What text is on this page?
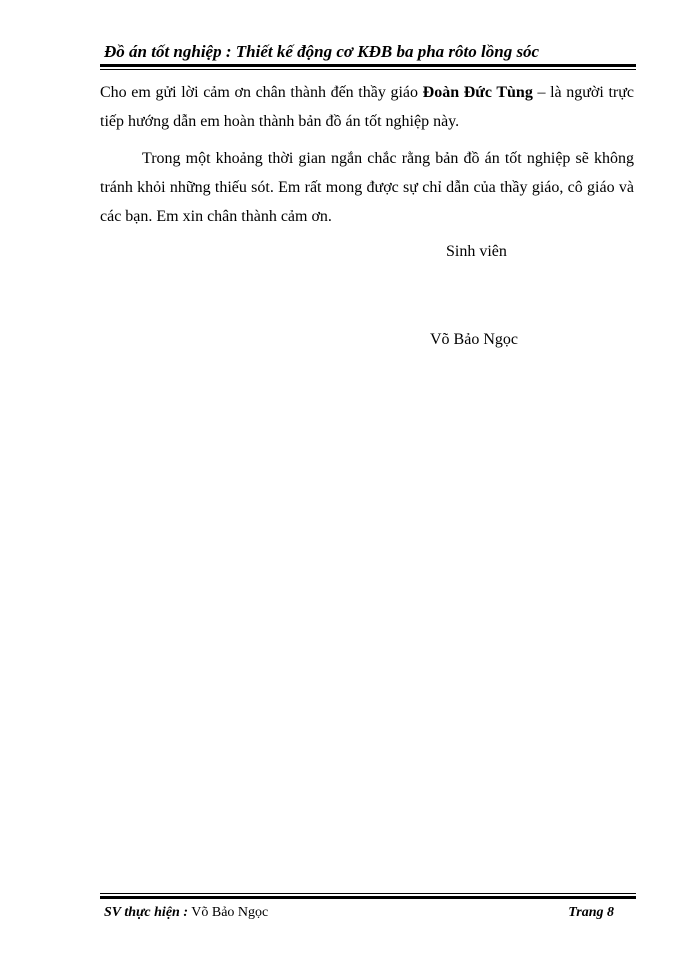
Đồ án tốt nghiệp : Thiết kế động cơ KĐB ba pha rôto lồng sóc

Cho em gửi lời cảm ơn chân thành đến thầy giáo Đoàn Đức Tùng – là người trực tiếp hướng dẫn em hoàn thành bản đồ án tốt nghiệp này.

Trong một khoảng thời gian ngắn chắc rằng bản đồ án tốt nghiệp sẽ không tránh khỏi những thiếu sót. Em rất mong được sự chỉ dẫn của thầy giáo, cô giáo và các bạn. Em xin chân thành cảm ơn.

Sinh viên
Võ Bảo Ngọc
SV thực hiện : Võ Bảo Ngọc	Trang 8
